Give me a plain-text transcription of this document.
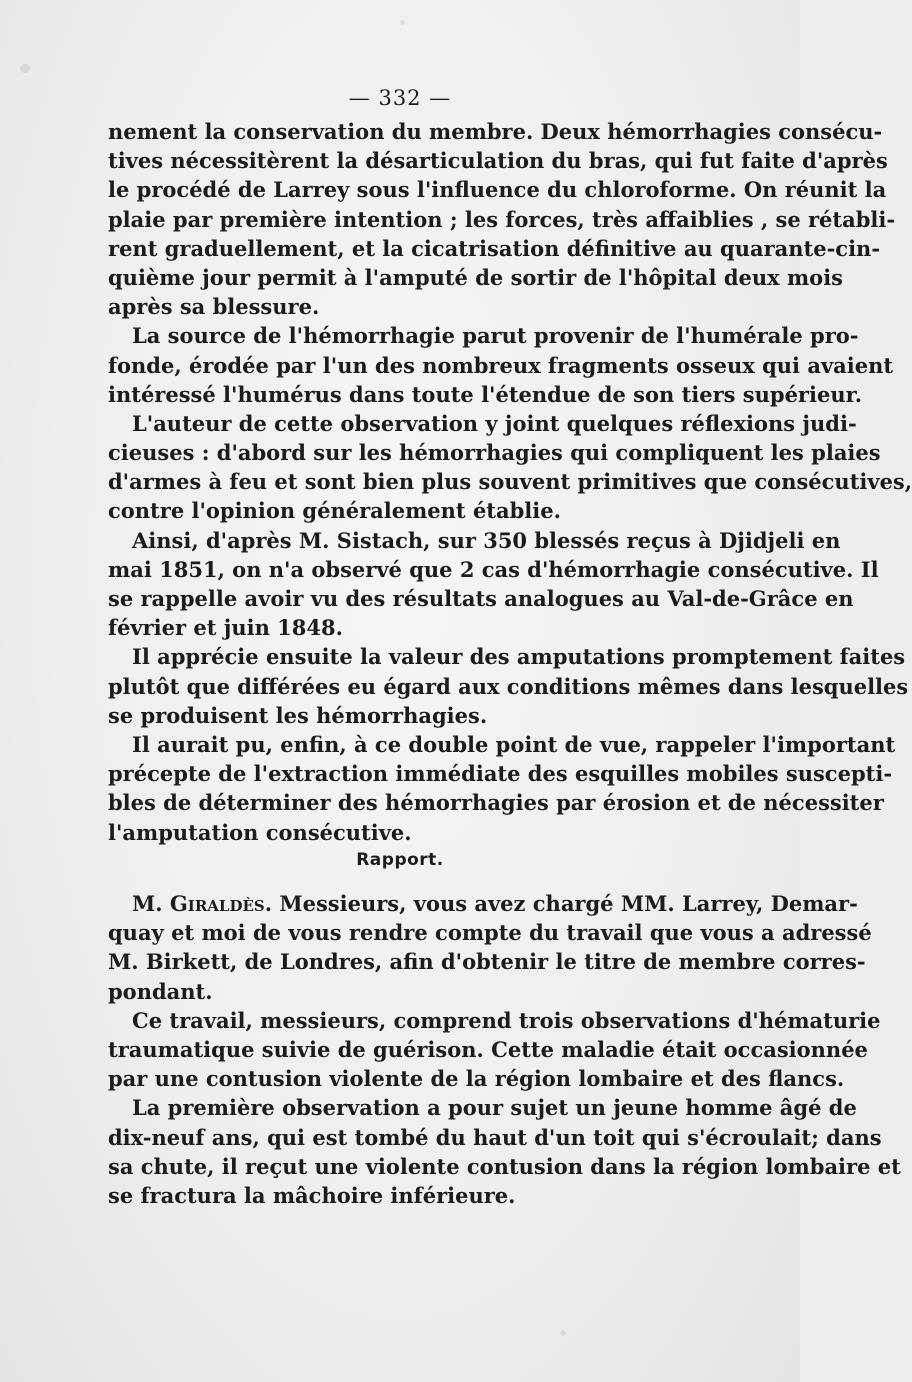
— 332 —
nement la conservation du membre. Deux hémorrhagies consécu-
tives nécessitèrent la désarticulation du bras, qui fut faite d'après
le procédé de Larrey sous l'influence du chloroforme. On réunit la
plaie par première intention ; les forces, très affaiblies , se rétabli-
rent graduellement, et la cicatrisation définitive au quarante-cin-
quième jour permit à l'amputé de sortir de l'hôpital deux mois
après sa blessure.
La source de l'hémorrhagie parut provenir de l'humérale pro-
fonde, érodée par l'un des nombreux fragments osseux qui avaient
intéressé l'humérus dans toute l'étendue de son tiers supérieur.
L'auteur de cette observation y joint quelques réflexions judi-
cieuses : d'abord sur les hémorrhagies qui compliquent les plaies
d'armes à feu et sont bien plus souvent primitives que consécutives,
contre l'opinion généralement établie.
Ainsi, d'après M. Sistach, sur 350 blessés reçus à Djidjeli en
mai 1851, on n'a observé que 2 cas d'hémorrhagie consécutive. Il
se rappelle avoir vu des résultats analogues au Val-de-Grâce en
février et juin 1848.
Il apprécie ensuite la valeur des amputations promptement faites
plutôt que différées eu égard aux conditions mêmes dans lesquelles
se produisent les hémorrhagies.
Il aurait pu, enfin, à ce double point de vue, rappeler l'important
précepte de l'extraction immédiate des esquilles mobiles suscepti-
bles de déterminer des hémorrhagies par érosion et de nécessiter
l'amputation consécutive.
Rapport.
M. Giraldès. Messieurs, vous avez chargé MM. Larrey, Demar-
quay et moi de vous rendre compte du travail que vous a adressé
M. Birkett, de Londres, afin d'obtenir le titre de membre corres-
pondant.
Ce travail, messieurs, comprend trois observations d'hématurie
traumatique suivie de guérison. Cette maladie était occasionnée
par une contusion violente de la région lombaire et des flancs.
La première observation a pour sujet un jeune homme âgé de
dix-neuf ans, qui est tombé du haut d'un toit qui s'écroulait; dans
sa chute, il reçut une violente contusion dans la région lombaire et
se fractura la mâchoire inférieure.
